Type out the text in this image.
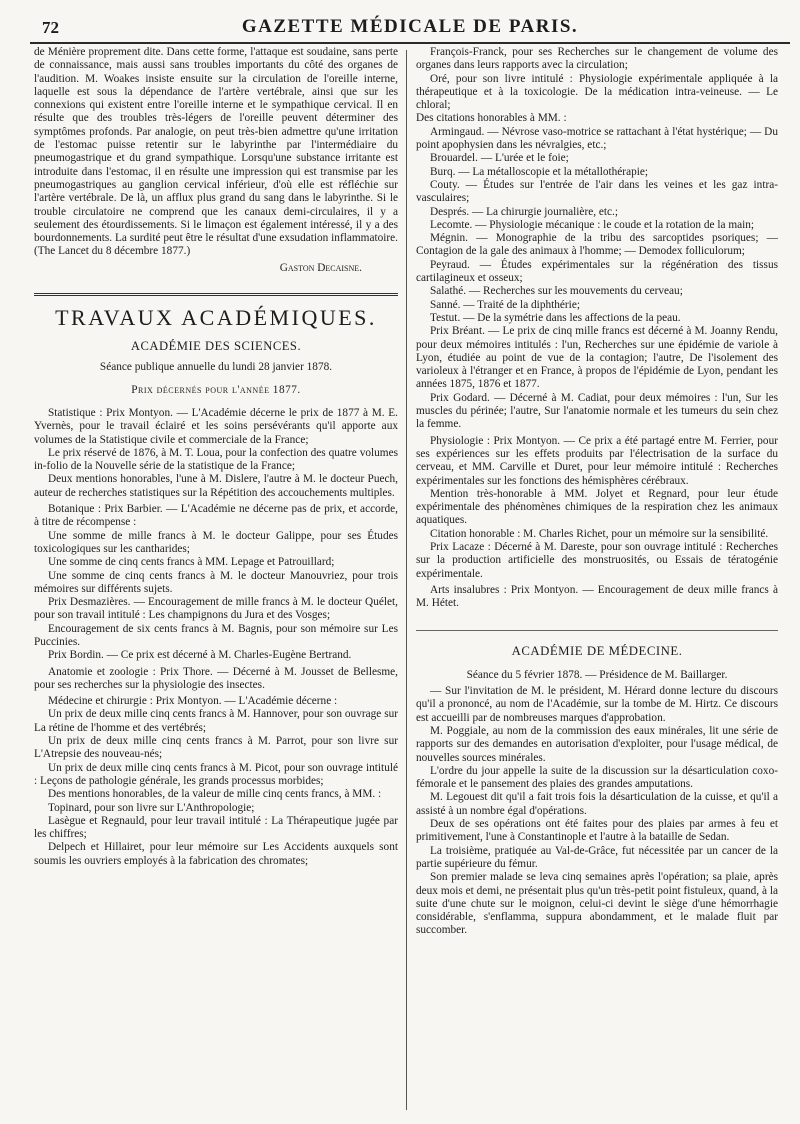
72	GAZETTE MÉDICALE DE PARIS.

de Ménière proprement dite. Dans cette forme, l'attaque est soudaine, sans perte de connaissance, mais aussi sans troubles importants du côté des organes de l'audition. M. Woakes insiste ensuite sur la circulation de l'oreille interne, laquelle est sous la dépendance de l'artère vertébrale, ainsi que sur les connexions qui existent entre l'oreille interne et le sympathique cervical. Il en résulte que des troubles très-légers de l'oreille peuvent déterminer des symptômes profonds. Par analogie, on peut très-bien admettre qu'une irritation de l'estomac puisse retentir sur le labyrinthe par l'intermédiaire du pneumogastrique et du grand sympathique. Lorsqu'une substance irritante est introduite dans l'estomac, il en résulte une impression qui est transmise par les pneumogastriques au ganglion cervical inférieur, d'où elle est réfléchie sur l'artère vertébrale. De là, un afflux plus grand du sang dans le labyrinthe. Si le trouble circulatoire ne comprend que les canaux demi-circulaires, il y a seulement des étourdissements. Si le limaçon est également intéressé, il y a des bourdonnements. La surdité peut être le résultat d'une exsudation inflammatoire. (The Lancet du 8 décembre 1877.)

Gaston Decaisne.

TRAVAUX ACADÉMIQUES.
ACADÉMIE DES SCIENCES.

Séance publique annuelle du lundi 28 janvier 1878.

Prix décernés pour l'année 1877.

Statistique : Prix Montyon. — L'Académie décerne le prix de 1877 à M. E. Yvernès, pour le travail éclairé et les soins persévérants qu'il apporte aux volumes de la Statistique civile et commerciale de la France;

Le prix réservé de 1876, à M. T. Loua, pour la confection des quatre volumes in-folio de la Nouvelle série de la statistique de la France;

Deux mentions honorables, l'une à M. Dislere, l'autre à M. le docteur Puech, auteur de recherches statistiques sur la Répétition des accouchements multiples.

Botanique : Prix Barbier. — L'Académie ne décerne pas de prix, et accorde, à titre de récompense :

Une somme de mille francs à M. le docteur Galippe, pour ses Études toxicologiques sur les cantharides;

Une somme de cinq cents francs à MM. Lepage et Patrouillard;

Une somme de cinq cents francs à M. le docteur Manouvriez, pour trois mémoires sur différents sujets.

Prix Desmazières. — Encouragement de mille francs à M. le docteur Quélet, pour son travail intitulé : Les champignons du Jura et des Vosges;

Encouragement de six cents francs à M. Bagnis, pour son mémoire sur Les Puccinies.

Prix Bordin. — Ce prix est décerné à M. Charles-Eugène Bertrand.

Anatomie et zoologie : Prix Thore. — Décerné à M. Jousset de Bellesme, pour ses recherches sur la physiologie des insectes.

Médecine et chirurgie : Prix Montyon. — L'Académie décerne :

Un prix de deux mille cinq cents francs à M. Hannover, pour son ouvrage sur La rétine de l'homme et des vertébrés;

Un prix de deux mille cinq cents francs à M. Parrot, pour son livre sur L'Atrepsie des nouveau-nés;

Un prix de deux mille cinq cents francs à M. Picot, pour son ouvrage intitulé : Leçons de pathologie générale, les grands processus morbides;

Des mentions honorables, de la valeur de mille cinq cents francs, à MM. :

Topinard, pour son livre sur L'Anthropologie;

Lasègue et Regnauld, pour leur travail intitulé : La Thérapeutique jugée par les chiffres;

Delpech et Hillairet, pour leur mémoire sur Les Accidents auxquels sont soumis les ouvriers employés à la fabrication des chromates;

François-Franck, pour ses Recherches sur le changement de volume des organes dans leurs rapports avec la circulation;

Oré, pour son livre intitulé : Physiologie expérimentale appliquée à la thérapeutique et à la toxicologie. De la médication intra-veineuse. — Le chloral;

Des citations honorables à MM. :

Armingaud. — Névrose vaso-motrice se rattachant à l'état hystérique; — Du point apophysien dans les névralgies, etc.;

Brouardel. — L'urée et le foie;

Burq. — La métalloscopie et la métallothérapie;

Couty. — Études sur l'entrée de l'air dans les veines et les gaz intra-vasculaires;

Després. — La chirurgie journalière, etc.;

Lecomte. — Physiologie mécanique : le coude et la rotation de la main;

Mégnin. — Monographie de la tribu des sarcoptides psoriques; — Contagion de la gale des animaux à l'homme; — Demodex folliculorum;

Peyraud. — Études expérimentales sur la régénération des tissus cartilagineux et osseux;

Salathé. — Recherches sur les mouvements du cerveau;

Sanné. — Traité de la diphthérie;

Testut. — De la symétrie dans les affections de la peau.

Prix Bréant. — Le prix de cinq mille francs est décerné à M. Joanny Rendu, pour deux mémoires intitulés : l'un, Recherches sur une épidémie de variole à Lyon, étudiée au point de vue de la contagion; l'autre, De l'isolement des varioleux à l'étranger et en France, à propos de l'épidémie de Lyon, pendant les années 1875, 1876 et 1877.

Prix Godard. — Décerné à M. Cadiat, pour deux mémoires : l'un, Sur les muscles du périnée; l'autre, Sur l'anatomie normale et les tumeurs du sein chez la femme.

Physiologie : Prix Montyon. — Ce prix a été partagé entre M. Ferrier, pour ses expériences sur les effets produits par l'électrisation de la surface du cerveau, et MM. Carville et Duret, pour leur mémoire intitulé : Recherches expérimentales sur les fonctions des hémisphères cérébraux.

Mention très-honorable à MM. Jolyet et Regnard, pour leur étude expérimentale des phénomènes chimiques de la respiration chez les animaux aquatiques.

Citation honorable : M. Charles Richet, pour un mémoire sur la sensibilité.

Prix Lacaze : Décerné à M. Dareste, pour son ouvrage intitulé : Recherches sur la production artificielle des monstruosités, ou Essais de tératogénie expérimentale.

Arts insalubres : Prix Montyon. — Encouragement de deux mille francs à M. Hétet.

ACADÉMIE DE MÉDECINE.

Séance du 5 février 1878. — Présidence de M. Baillarger.

— Sur l'invitation de M. le président, M. Hérard donne lecture du discours qu'il a prononcé, au nom de l'Académie, sur la tombe de M. Hirtz. Ce discours est accueilli par de nombreuses marques d'approbation.

M. Poggiale, au nom de la commission des eaux minérales, lit une série de rapports sur des demandes en autorisation d'exploiter, pour l'usage médical, de nouvelles sources minérales.

L'ordre du jour appelle la suite de la discussion sur la désarticulation coxo-fémorale et le pansement des plaies des grandes amputations.

M. Legouest dit qu'il a fait trois fois la désarticulation de la cuisse, et qu'il a assisté à un nombre égal d'opérations.

Deux de ses opérations ont été faites pour des plaies par armes à feu et primitivement, l'une à Constantinople et l'autre à la bataille de Sedan.

La troisième, pratiquée au Val-de-Grâce, fut nécessitée par un cancer de la partie supérieure du fémur.

Son premier malade se leva cinq semaines après l'opération; sa plaie, après deux mois et demi, ne présentait plus qu'un très-petit point fistuleux, quand, à la suite d'une chute sur le moignon, celui-ci devint le siège d'une hémorrhagie considérable, s'enflamma, suppura abondamment, et le malade fluit par succomber.
